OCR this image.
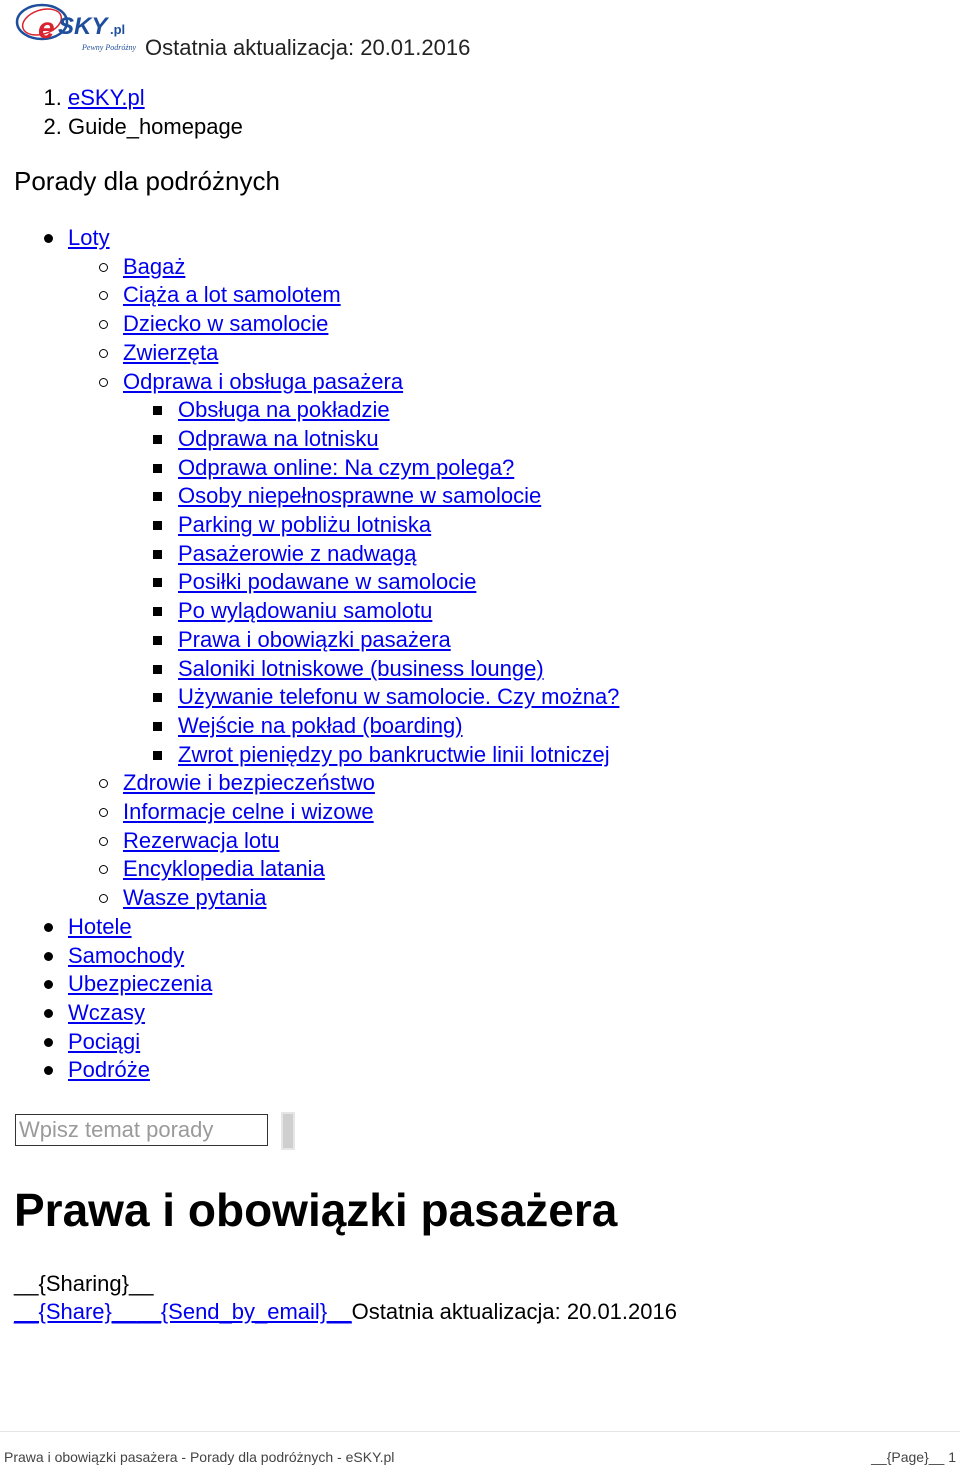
e SKY .pl
Pewny Podróżny Ostatnia aktualizacja: 20.01.2016
1. eSKY.pl
2. Guide_homepage
Porady dla podróżnych
Loty
Bagaż
Ciąża a lot samolotem
Dziecko w samolocie
Zwierzęta
Odprawa i obsługa pasażera
Obsługa na pokładzie
Odprawa na lotnisku
Odprawa online: Na czym polega?
Osoby niepełnosprawne w samolocie
Parking w pobliżu lotniska
Pasażerowie z nadwagą
Posiłki podawane w samolocie
Po wylądowaniu samolotu
Prawa i obowiązki pasażera
Saloniki lotniskowe (business lounge)
Używanie telefonu w samolocie. Czy można?
Wejście na pokład (boarding)
Zwrot pieniędzy po bankructwie linii lotniczej
Zdrowie i bezpieczeństwo
Informacje celne i wizowe
Rezerwacja lotu
Encyklopedia latania
Wasze pytania
Hotele
Samochody
Ubezpieczenia
Wczasy
Pociągi
Podróże
Wpisz temat porady
Prawa i obowiązki pasażera
__{Sharing}__
__{Share}____{Send_by_email}__Ostatnia aktualizacja: 20.01.2016
Prawa i obowiązki pasażera - Porady dla podróżnych - eSKY.pl	__{Page}__ 1
